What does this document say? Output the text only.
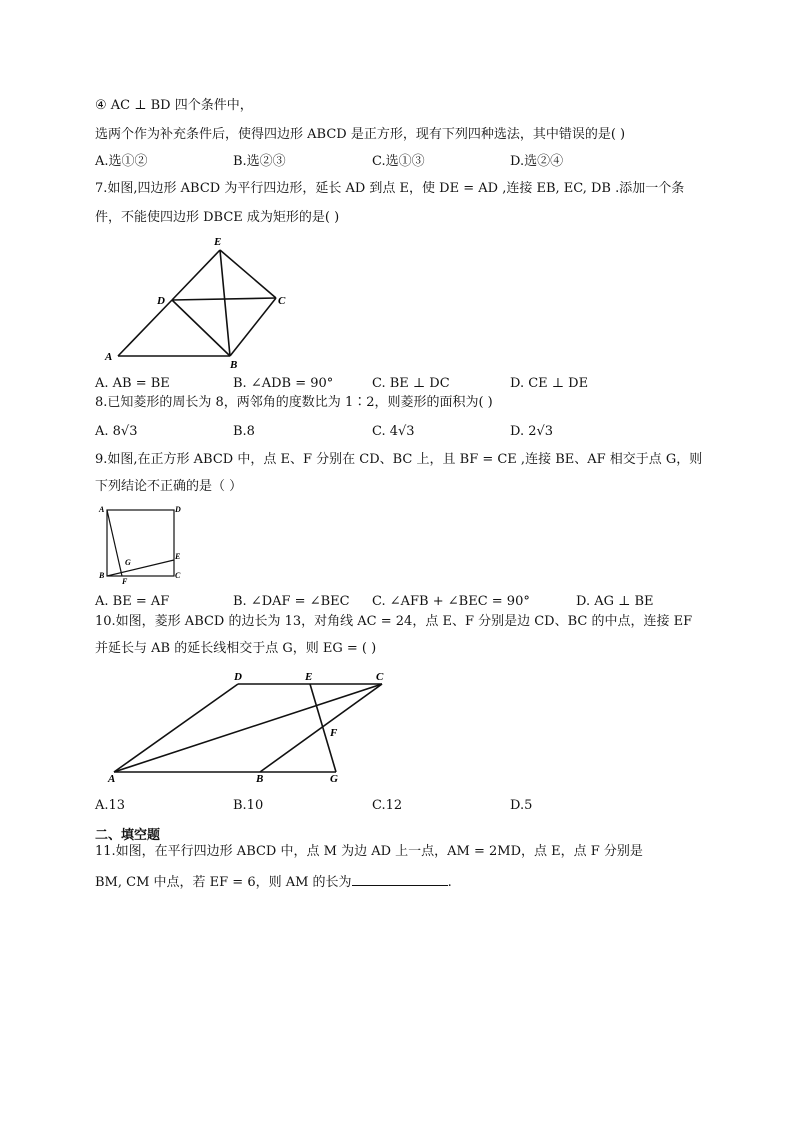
④ AC ⊥ BD 四个条件中，
选两个作为补充条件后，使得四边形 ABCD 是正方形，现有下列四种选法，其中错误的是( )
A.选①②	B.选②③	C.选①③	D.选②④
7.如图,四边形 ABCD 为平行四边形，延长 AD 到点 E，使 DE = AD ,连接 EB, EC, DB .添加一个条
件，不能使四边形 DBCE 成为矩形的是( )
A
B
C
D
E
A. AB = BE	B. ∠ADB = 90°	C. BE ⊥ DC	D. CE ⊥ DE
8.已知菱形的周长为 8，两邻角的度数比为 1∶2，则菱形的面积为( )
A. 8√3	B.8	C. 4√3	D. 2√3
9.如图,在正方形 ABCD 中，点 E、F 分别在 CD、BC 上，且 BF = CE ,连接 BE、AF 相交于点 G，则
下列结论不正确的是（ ）
A	D
B	C
E
F
G
A. BE = AF	B. ∠DAF = ∠BEC C. ∠AFB + ∠BEC = 90°	D. AG ⊥ BE
10.如图，菱形 ABCD 的边长为 13，对角线 AC = 24，点 E、F 分别是边 CD、BC 的中点，连接 EF
并延长与 AB 的延长线相交于点 G，则 EG = ( )
D	E	C
F
A	B	G
A.13	B.10	C.12	D.5
二、填空题
11.如图，在平行四边形 ABCD 中，点 M 为边 AD 上一点，AM = 2MD，点 E，点 F 分别是
BM, CM 中点，若 EF = 6，则 AM 的长为	.
